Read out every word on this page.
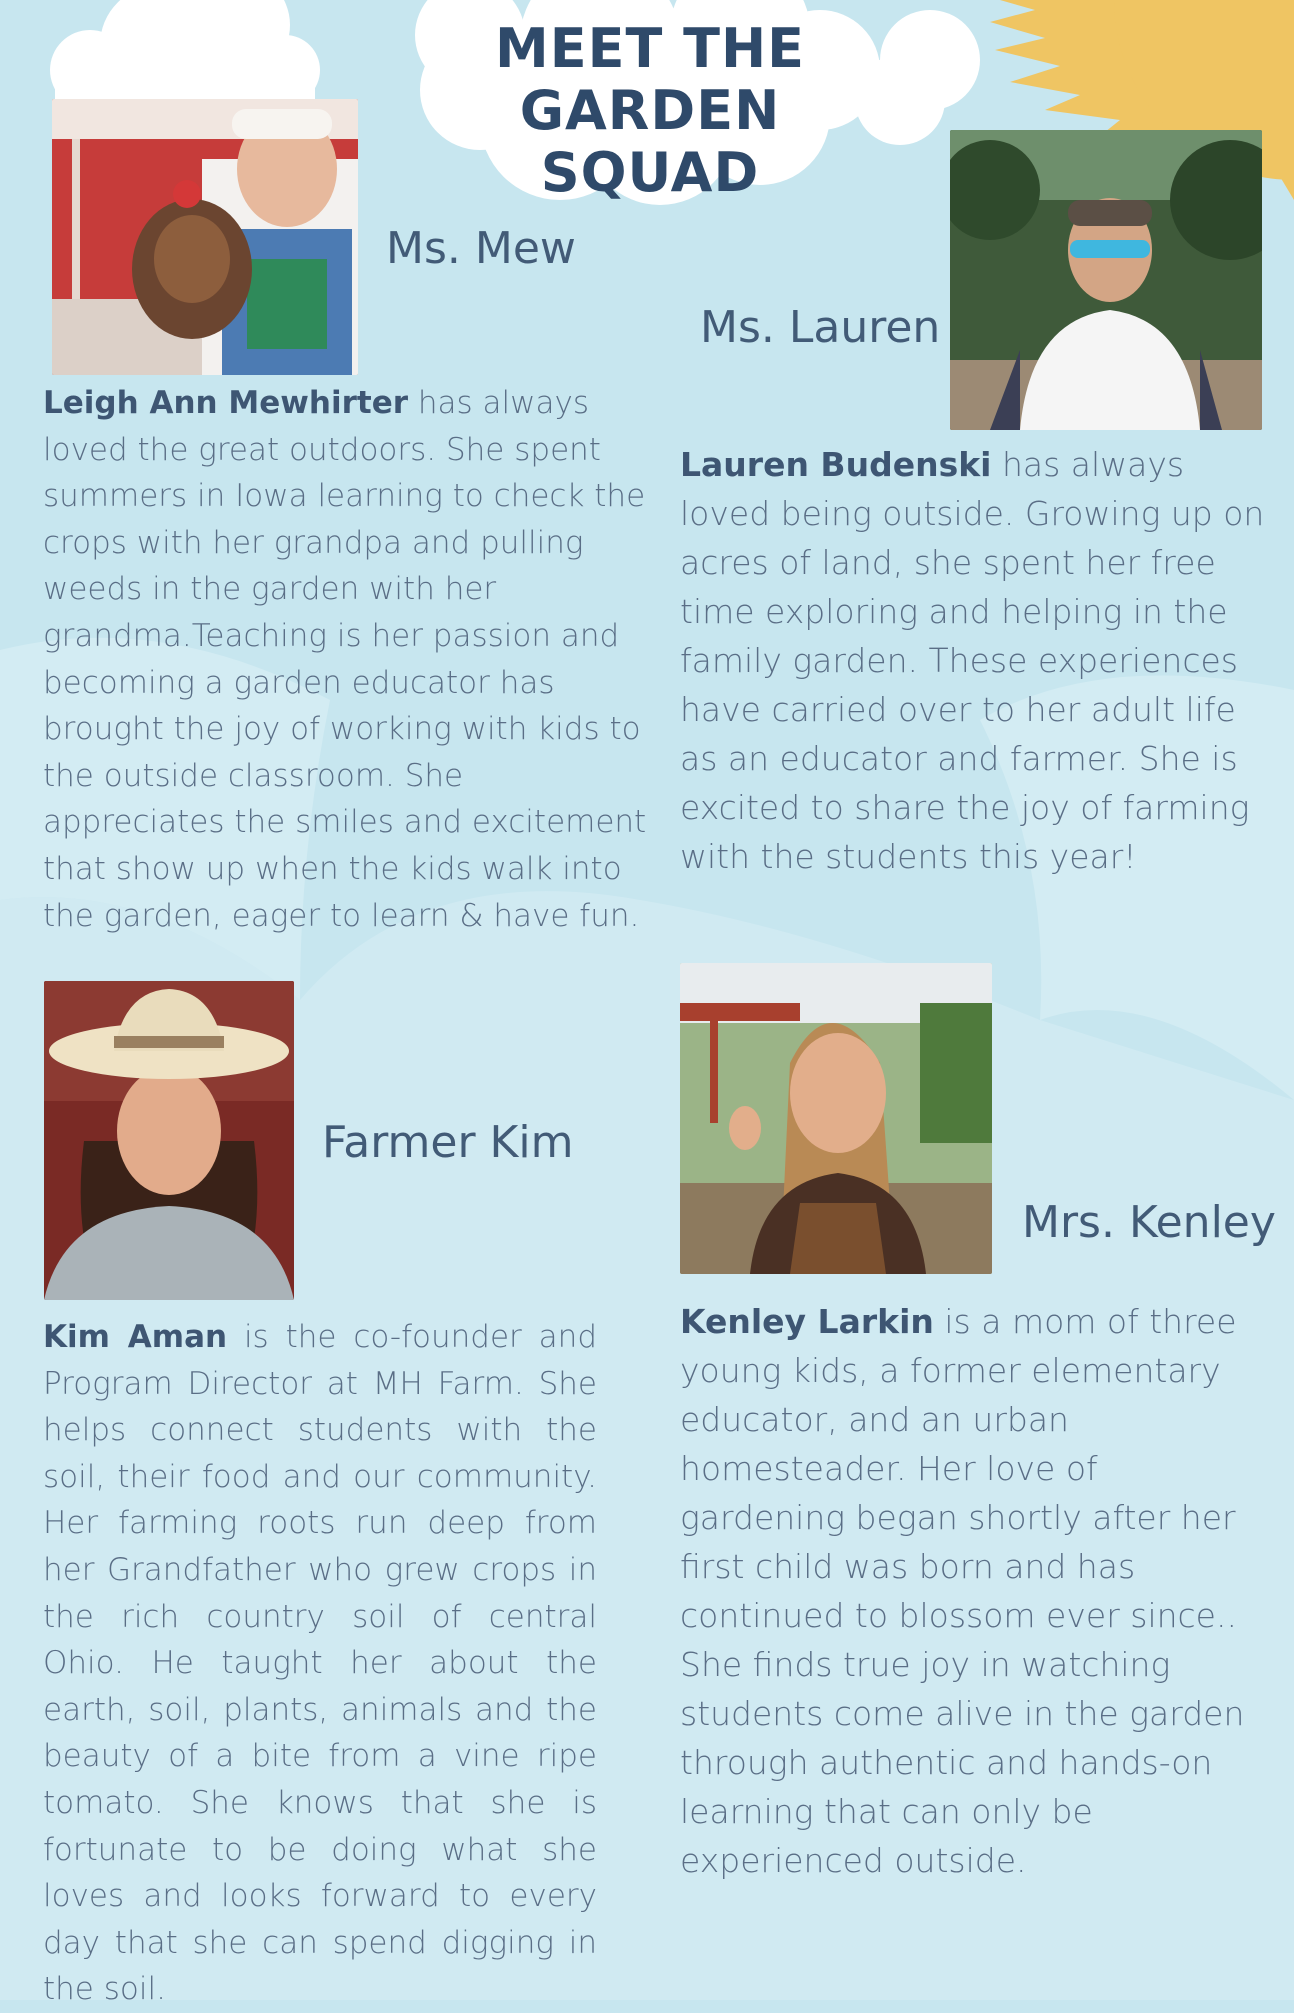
MEET THE GARDEN SQUAD
Ms. Mew

Leigh Ann Mewhirter has always loved the great outdoors. She spent summers in Iowa learning to check the crops with her grandpa and pulling weeds in the garden with her grandma.Teaching is her passion and becoming a garden educator has brought the joy of working with kids to the outside classroom. She appreciates the smiles and excitement that show up when the kids walk into the garden, eager to learn & have fun.

Ms. Lauren

Lauren Budenski has always loved being outside. Growing up on acres of land, she spent her free time exploring and helping in the family garden. These experiences have carried over to her adult life as an educator and farmer. She is excited to share the joy of farming with the students this year!

Farmer Kim

Kim Aman is the co-founder and Program Director at MH Farm. She helps connect students with the soil, their food and our community. Her farming roots run deep from her Grandfather who grew crops in the rich country soil of central Ohio. He taught her about the earth, soil, plants, animals and the beauty of a bite from a vine ripe tomato. She knows that she is fortunate to be doing what she loves and looks forward to every day that she can spend digging in the soil.

Mrs. Kenley

Kenley Larkin is a mom of three young kids, a former elementary educator, and an urban homesteader. Her love of gardening began shortly after her first child was born and has continued to blossom ever since.. She finds true joy in watching students come alive in the garden through authentic and hands-on learning that can only be experienced outside.
